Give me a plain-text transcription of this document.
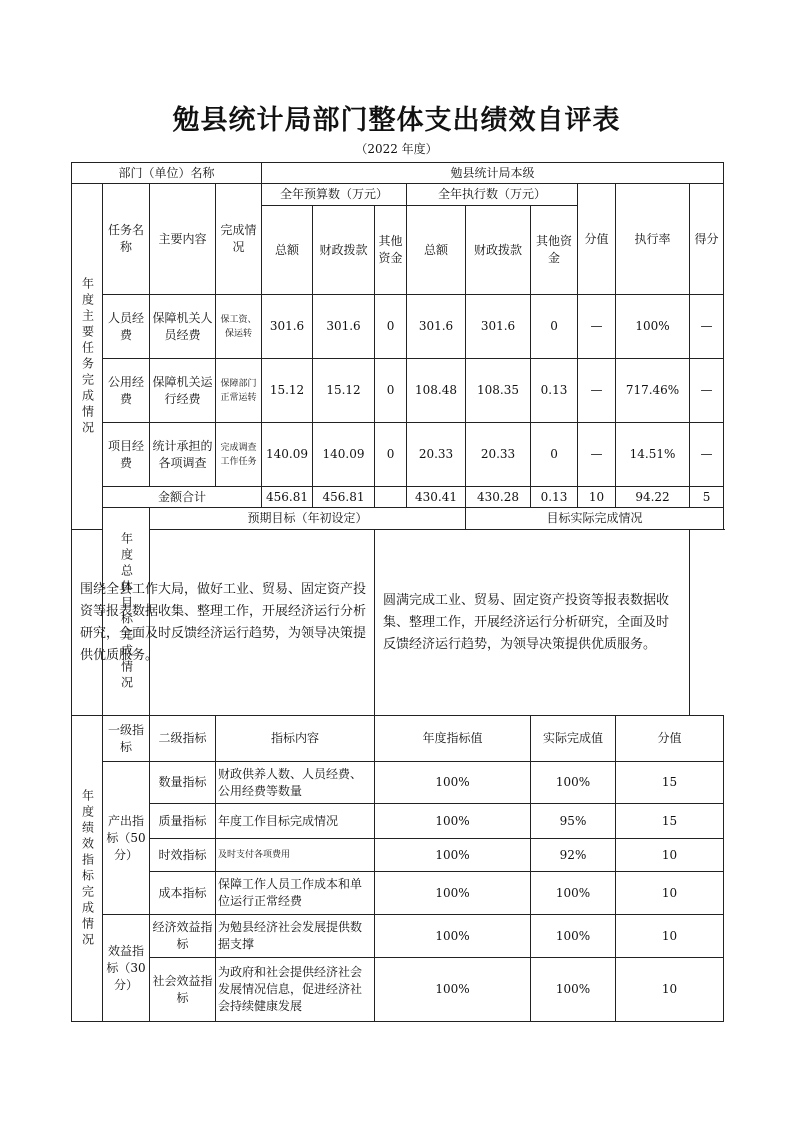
勉县统计局部门整体支出绩效自评表
（2022 年度）
部门（单位）名称				勉县统计局本级									
年度主要任务完成情况	任务名称	主要内容	完成情况	全年预算数（万元）			全年执行数（万元）			分值	执行率	得分	
				总额	财政拨款	其他资金	总额	财政拨款	其他资金				
	人员经费	保障机关人员经费	保工资、保运转	301.6	301.6	0	301.6	301.6	0	—	100%	—	
	公用经费	保障机关运行经费	保障部门正常运转	15.12	15.12	0	108.48	108.35	0.13	—	717.46%	—	
	项目经费	统计承担的各项调查	完成调查工作任务	140.09	140.09	0	20.33	20.33	0	—	14.51%	—	
	金额合计			456.81	456.81		430.41	430.28	0.13	10	94.22	5	
	年度总体目标完成情况	预期目标（年初设定）						目标实际完成情况					
围绕全县工作大局，做好工业、贸易、固定资产投资等报表数据收集、整理工作，开展经济运行分析研究，全面及时反馈经济运行趋势，为领导决策提供优质服务。						圆满完成工业、贸易、固定资产投资等报表数据收集、整理工作，开展经济运行分析研究，全面及时反馈经济运行趋势，为领导决策提供优质服务。							
年度绩效指标完成情况	一级指标	二级指标	指标内容			年度指标值			实际完成值		分值	
	产出指标（50分）	数量指标	财政供养人数、人员经费、公用经费等数量			100%			100%		15	
		质量指标	年度工作目标完成情况			100%			95%		15	
		时效指标	及时支付各项费用			100%			92%		10	
		成本指标	保障工作人员工作成本和单位运行正常经费			100%			100%		10	
	效益指标（30分）	经济效益指标	为勉县经济社会发展提供数据支撑			100%			100%		10	
		社会效益指标	为政府和社会提供经济社会发展情况信息，促进经济社会持续健康发展			100%			100%		10	
